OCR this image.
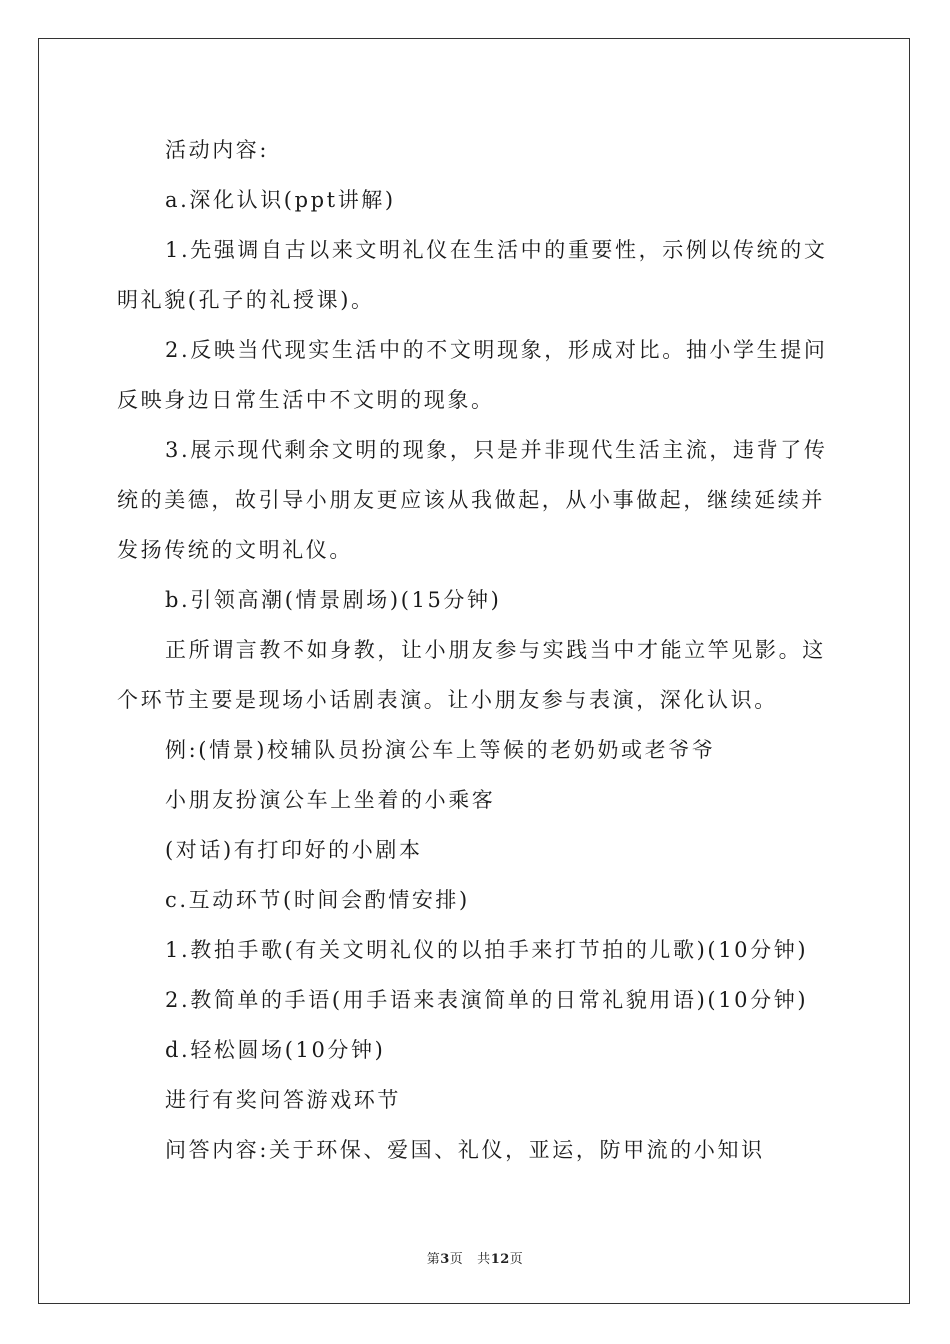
活动内容:
a.深化认识(ppt讲解)
1.先强调自古以来文明礼仪在生活中的重要性，示例以传统的文
明礼貌(孔子的礼授课)。
2.反映当代现实生活中的不文明现象，形成对比。抽小学生提问
反映身边日常生活中不文明的现象。
3.展示现代剩余文明的现象，只是并非现代生活主流，违背了传
统的美德，故引导小朋友更应该从我做起，从小事做起，继续延续并
发扬传统的文明礼仪。
b.引领高潮(情景剧场)(15分钟)
正所谓言教不如身教，让小朋友参与实践当中才能立竿见影。这
个环节主要是现场小话剧表演。让小朋友参与表演，深化认识。
例:(情景)校辅队员扮演公车上等候的老奶奶或老爷爷
小朋友扮演公车上坐着的小乘客
(对话)有打印好的小剧本
c.互动环节(时间会酌情安排)
1.教拍手歌(有关文明礼仪的以拍手来打节拍的儿歌)(10分钟)
2.教简单的手语(用手语来表演简单的日常礼貌用语)(10分钟)
d.轻松圆场(10分钟)
进行有奖问答游戏环节
问答内容:关于环保、爱国、礼仪，亚运，防甲流的小知识
第3页 共12页
